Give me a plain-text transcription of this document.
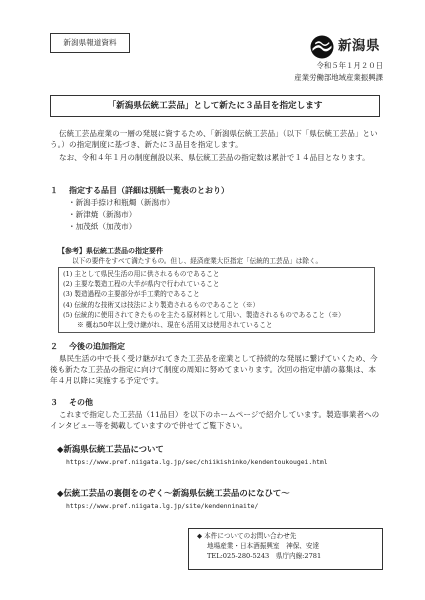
新潟県報道資料	新潟県
令和５年１月２０日
産業労働部地域産業振興課
「新潟県伝統工芸品」として新たに３品目を指定します

伝統工芸品産業の一層の発展に資するため、「新潟県伝統工芸品」（以下「県伝統工芸品」という。）の指定制度に基づき、新たに３品目を指定します。

なお、令和４年１月の制度創設以来、県伝統工芸品の指定数は累計で１４品目となります。

１ 指定する品目（詳細は別紙一覧表のとおり）
・新潟手捺け和瓶燭（新潟市）
・新津焼（新潟市）
・加茂紙（加茂市）
【参考】県伝統工芸品の指定要件
以下の要件をすべて満たすもの。但し、経済産業大臣指定「伝統的工芸品」は除く。
(1) 主として県民生活の用に供されるものであること
(2) 主要な製造工程の大半が県内で行われていること
(3) 製造過程の主要部分が手工業的であること
(4) 伝統的な技術又は技法により製造されるものであること（※）
(5) 伝統的に使用されてきたものを主たる原材料として用い、製造されるものであること（※）
※ 概ね50年以上受け継がれ、現在も活用又は使用されていること
２ 今後の追加指定

県民生活の中で長く受け継がれてきた工芸品を産業として持続的な発展に繋げていくため、今後も新たな工芸品の指定に向けて制度の周知に努めてまいります。次回の指定申請の募集は、本年４月以降に実施する予定です。

３ その他

これまで指定した工芸品（11品目）を以下のホームページで紹介しています。製造事業者へのインタビュー等を掲載していますので併せてご覧下さい。

◆新潟県伝統工芸品について
https://www.pref.niigata.lg.jp/sec/chiikishinko/kendentoukougei.html
◆伝統工芸品の裏側をのぞく～新潟県伝統工芸品のになひて～
https://www.pref.niigata.lg.jp/site/kendenninaite/
◆ 本件についてのお問い合わせ先
地場産業・日本酒振興室　神保、安達
TEL:025-280-5243　県庁内線:2781
